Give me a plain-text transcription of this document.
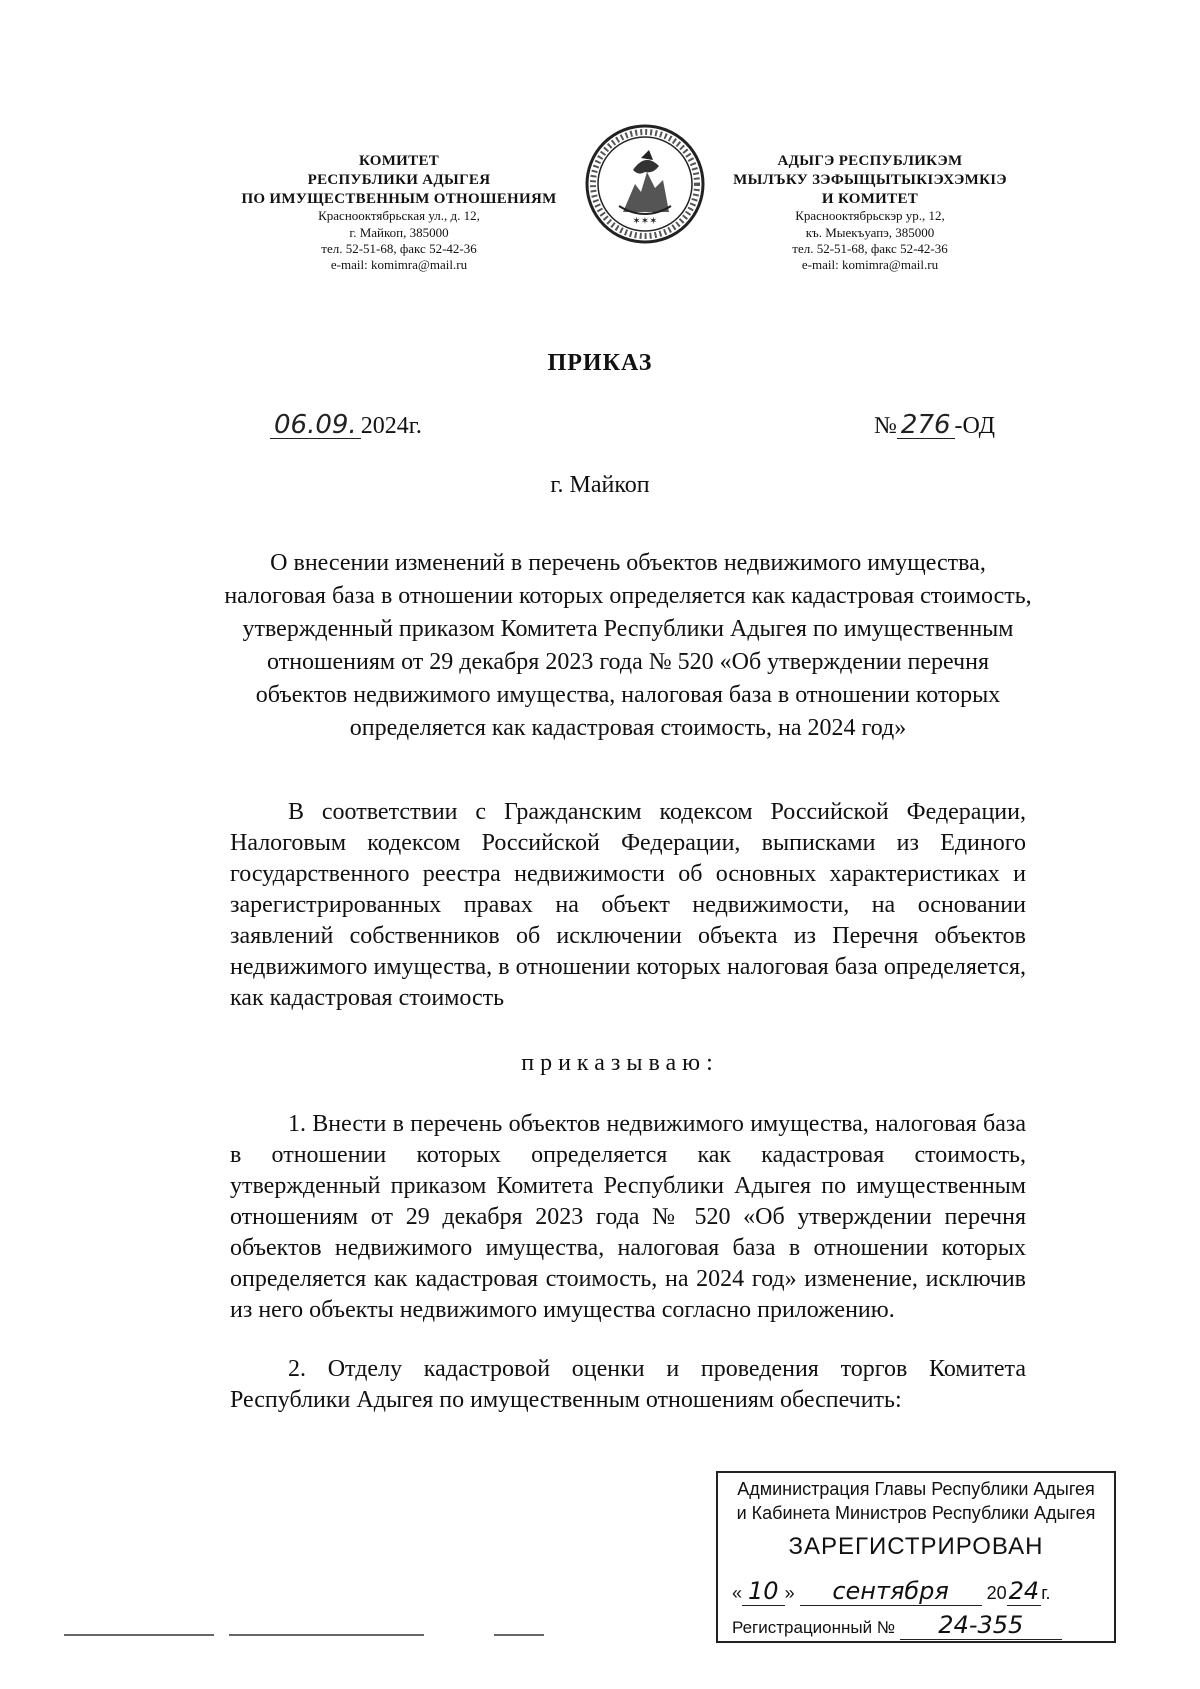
КОМИТЕТ
РЕСПУБЛИКИ АДЫГЕЯ
ПО ИМУЩЕСТВЕННЫМ ОТНОШЕНИЯМ
Краснооктябрьская ул., д. 12,
г. Майкоп, 385000
тел. 52-51-68, факс 52-42-36
e-mail: komimra@mail.ru
✶✶✶
АДЫГЭ РЕСПУБЛИКЭМ
МЫЛЪКУ ЗЭФЫЩЫТЫКIЭХЭМКIЭ
И КОМИТЕТ
Краснооктябрьскэр ур., 12,
къ. Мыекъуапэ, 385000
тел. 52-51-68, факс 52-42-36
e-mail: komimra@mail.ru
ПРИКАЗ
06.09. 2024г.	№ 276 -ОД
г. Майкоп
О внесении изменений в перечень объектов недвижимого имущества, налоговая база в отношении которых определяется как кадастровая стоимость, утвержденный приказом Комитета Республики Адыгея по имущественным отношениям от 29 декабря 2023 года № 520 «Об утверждении перечня объектов недвижимого имущества, налоговая база в отношении которых определяется как кадастровая стоимость, на 2024 год»
В соответствии с Гражданским кодексом Российской Федерации, Налоговым кодексом Российской Федерации, выписками из Единого государственного реестра недвижимости об основных характеристиках и зарегистрированных правах на объект недвижимости, на основании заявлений собственников об исключении объекта из Перечня объектов недвижимого имущества, в отношении которых налоговая база определяется, как кадастровая стоимость
приказываю:
1. Внести в перечень объектов недвижимого имущества, налоговая база в отношении которых определяется как кадастровая стоимость, утвержденный приказом Комитета Республики Адыгея по имущественным отношениям от 29 декабря 2023 года № 520 «Об утверждении перечня объектов недвижимого имущества, налоговая база в отношении которых определяется как кадастровая стоимость, на 2024 год» изменение, исключив из него объекты недвижимого имущества согласно приложению.
2. Отделу кадастровой оценки и проведения торгов Комитета Республики Адыгея по имущественным отношениям обеспечить:
Администрация Главы Республики Адыгея
и Кабинета Министров Республики Адыгея
ЗАРЕГИСТРИРОВАН
« 10 » сентября 2024 г.
Регистрационный № 24-355
